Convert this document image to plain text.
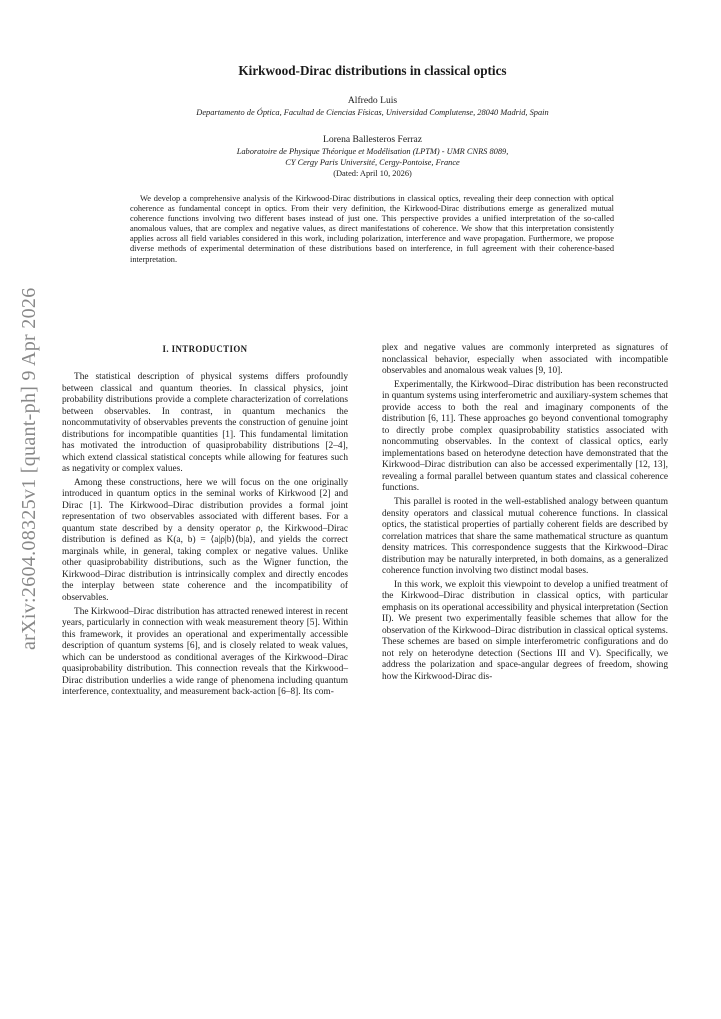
arXiv:2604.08325v1 [quant-ph] 9 Apr 2026

Kirkwood-Dirac distributions in classical optics

Alfredo Luis

Departamento de Óptica, Facultad de Ciencias Físicas, Universidad Complutense, 28040 Madrid, Spain

Lorena Ballesteros Ferraz

Laboratoire de Physique Théorique et Modélisation (LPTM) - UMR CNRS 8089,

CY Cergy Paris Université, Cergy-Pontoise, France

(Dated: April 10, 2026)

We develop a comprehensive analysis of the Kirkwood-Dirac distributions in classical optics, revealing their deep connection with optical coherence as fundamental concept in optics. From their very definition, the Kirkwood-Dirac distributions emerge as generalized mutual coherence functions involving two different bases instead of just one. This perspective provides a unified interpretation of the so-called anomalous values, that are complex and negative values, as direct manifestations of coherence. We show that this interpretation consistently applies across all field variables considered in this work, including polarization, interference and wave propagation. Furthermore, we propose diverse methods of experimental determination of these distributions based on interference, in full agreement with their coherence-based interpretation.

I. INTRODUCTION

The statistical description of physical systems differs profoundly between classical and quantum theories. In classical physics, joint probability distributions provide a complete characterization of correlations between observables. In contrast, in quantum mechanics the noncommutativity of observables prevents the construction of genuine joint distributions for incompatible quantities [1]. This fundamental limitation has motivated the introduction of quasiprobability distributions [2–4], which extend classical statistical concepts while allowing for features such as negativity or complex values.

Among these constructions, here we will focus on the one originally introduced in quantum optics in the seminal works of Kirkwood [2] and Dirac [1]. The Kirkwood–Dirac distribution provides a formal joint representation of two observables associated with different bases. For a quantum state described by a density operator ρ, the Kirkwood–Dirac distribution is defined as K(a, b) = ⟨a|ρ|b⟩⟨b|a⟩, and yields the correct marginals while, in general, taking complex or negative values. Unlike other quasiprobability distributions, such as the Wigner function, the Kirkwood–Dirac distribution is intrinsically complex and directly encodes the interplay between state coherence and the incompatibility of observables.

The Kirkwood–Dirac distribution has attracted renewed interest in recent years, particularly in connection with weak measurement theory [5]. Within this framework, it provides an operational and experimentally accessible description of quantum systems [6], and is closely related to weak values, which can be understood as conditional averages of the Kirkwood–Dirac quasiprobability distribution. This connection reveals that the Kirkwood–Dirac distribution underlies a wide range of phenomena including quantum interference, contextuality, and measurement back-action [6–8]. Its com-

plex and negative values are commonly interpreted as signatures of nonclassical behavior, especially when associated with incompatible observables and anomalous weak values [9, 10].

Experimentally, the Kirkwood–Dirac distribution has been reconstructed in quantum systems using interferometric and auxiliary-system schemes that provide access to both the real and imaginary components of the distribution [6, 11]. These approaches go beyond conventional tomography to directly probe complex quasiprobability statistics associated with noncommuting observables. In the context of classical optics, early implementations based on heterodyne detection have demonstrated that the Kirkwood–Dirac distribution can also be accessed experimentally [12, 13], revealing a formal parallel between quantum states and classical coherence functions.

This parallel is rooted in the well-established analogy between quantum density operators and classical mutual coherence functions. In classical optics, the statistical properties of partially coherent fields are described by correlation matrices that share the same mathematical structure as quantum density matrices. This correspondence suggests that the Kirkwood–Dirac distribution may be naturally interpreted, in both domains, as a generalized coherence function involving two distinct modal bases.

In this work, we exploit this viewpoint to develop a unified treatment of the Kirkwood–Dirac distribution in classical optics, with particular emphasis on its operational accessibility and physical interpretation (Section II). We present two experimentally feasible schemes that allow for the observation of the Kirkwood–Dirac distribution in classical optical systems. These schemes are based on simple interferometric configurations and do not rely on heterodyne detection (Sections III and V). Specifically, we address the polarization and space-angular degrees of freedom, showing how the Kirkwood-Dirac dis-
